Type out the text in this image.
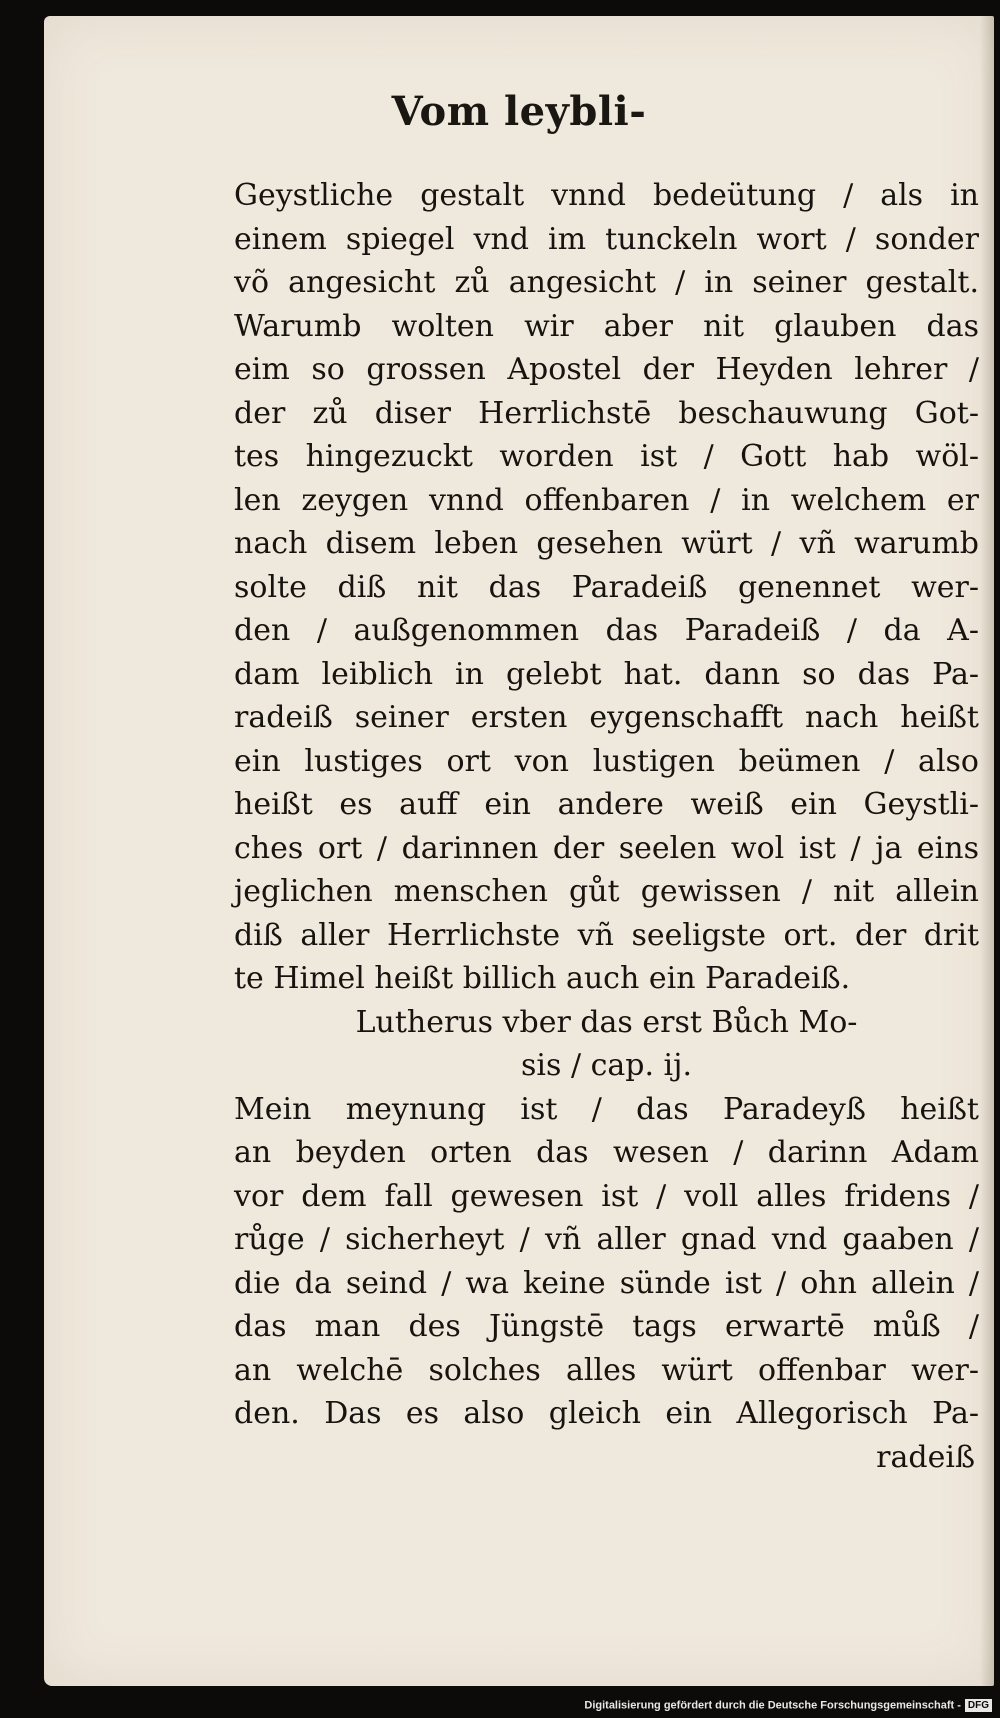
Vom leybli-
Geystliche gestalt vnnd bedeütung / als in
einem spiegel vnd im tunckeln wort / sonder
võ angesicht zů angesicht / in seiner gestalt.
Warumb wolten wir aber nit glauben das
eim so grossen Apostel der Heyden lehrer /
der zů diser Herrlichstē beschauwung Got-
tes hingezuckt worden ist / Gott hab wöl-
len zeygen vnnd offenbaren / in welchem er
nach disem leben gesehen würt / vñ warumb
solte diß nit das Paradeiß genennet wer-
den / außgenommen das Paradeiß / da A-
dam leiblich in gelebt hat. dann so das Pa-
radeiß seiner ersten eygenschafft nach heißt
ein lustiges ort von lustigen beümen / also
heißt es auff ein andere weiß ein Geystli-
ches ort / darinnen der seelen wol ist / ja eins
jeglichen menschen gůt gewissen / nit allein
diß aller Herrlichste vñ seeligste ort. der drit
te Himel heißt billich auch ein Paradeiß.
Lutherus vber das erst Bůch Mo-
sis / cap. ij.
Mein meynung ist / das Paradeyß heißt
an beyden orten das wesen / darinn Adam
vor dem fall gewesen ist / voll alles fridens /
růge / sicherheyt / vñ aller gnad vnd gaaben /
die da seind / wa keine sünde ist / ohn allein /
das man des Jüngstē tags erwartē můß /
an welchē solches alles würt offenbar wer-
den. Das es also gleich ein Allegorisch Pa-
radeiß
Digitalisierung gefördert durch die Deutsche Forschungsgemeinschaft - DFG
